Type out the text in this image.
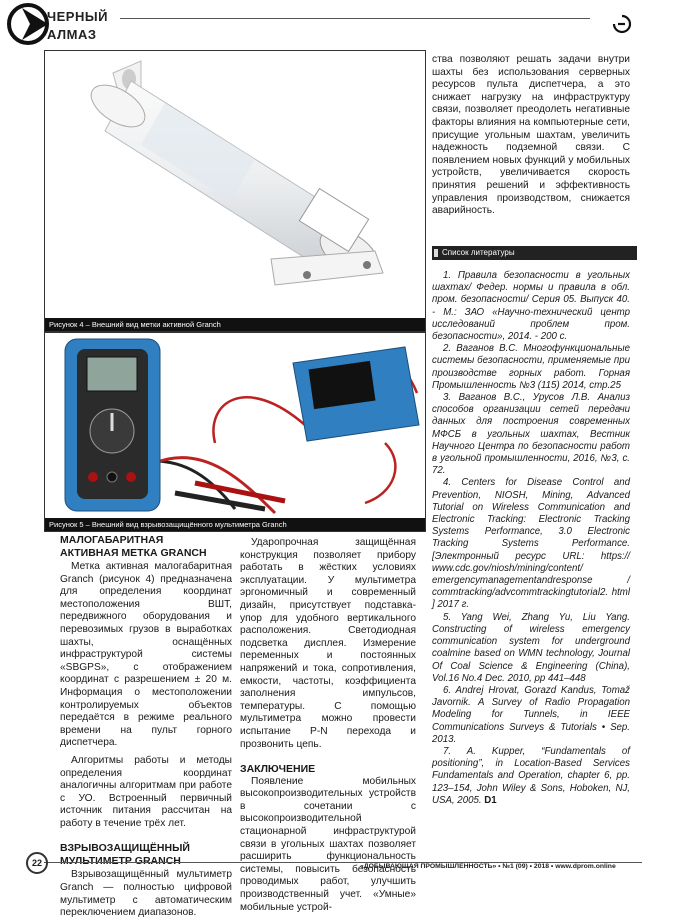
ЧЕРНЫЙ
АЛМАЗ
Рисунок 4 – Внешний вид метки активной Granch
Рисунок 5 – Внешний вид взрывозащищённого мультиметра Granch

МАЛОГАБАРИТНАЯ

АКТИВНАЯ МЕТКА GRANCH

Метка активная малогабаритная Granch (рисунок 4) предназначена для определения координат местоположения ВШТ, передвижного оборудования и перевозимых грузов в выработках шахты, оснащённых инфраструктурой системы «SBGPS», с отображением координат с разрешением ± 20 м. Информация о местоположении контролируемых объектов передаётся в режиме реального времени на пульт горного диспетчера.

Алгоритмы работы и методы определения координат аналогичны алгоритмам при работе с УО. Встроенный первичный источник питания рассчитан на работу в течение трёх лет.

ВЗРЫВОЗАЩИЩЁННЫЙ

МУЛЬТИМЕТР GRANCH

Взрывозащищённый мультиметр Granch — полностью цифровой мультиметр с автоматическим переключением диапазонов.

Ударопрочная защищённая конструкция позволяет прибору работать в жёстких условиях эксплуатации. У мультиметра эргономичный и современный дизайн, присутствует подставка-упор для удобного вертикального расположения. Светодиодная подсветка дисплея. Измерение переменных и постоянных напряжений и тока, сопротивления, емкости, частоты, коэффициента заполнения импульсов, температуры. С помощью мультиметра можно провести испытание P-N перехода и прозвонить цепь.

ЗАКЛЮЧЕНИЕ

Появление мобильных высокопроизводительных устройств в сочетании с высокопроизводительной стационарной инфраструктурой связи в угольных шахтах позволяет расширить функциональность системы, повысить безопасность проводимых работ, улучшить производственный учет. «Умные» мобильные устрой-

ства позволяют решать задачи внутри шахты без использования серверных ресурсов пульта диспетчера, а это снижает нагрузку на инфраструктуру связи, позволяет преодолеть негативные факторы влияния на компьютерные сети, присущие угольным шахтам, увеличить надежность подземной связи. С появлением новых функций у мобильных устройств, увеличивается скорость принятия решений и эффективность управления производством, снижается аварийность.

Список литературы

1. Правила безопасности в угольных шахтах/ Федер. нормы и правила в обл. пром. безопасности/ Серия 05. Выпуск 40. - М.: ЗАО «Научно-технический центр исследований проблем пром. безопасности», 2014. - 200 с.

2. Ваганов В.С. Многофункциональные системы безопасности, применяемые при производстве горных работ. Горная Промышленность №3 (115) 2014, стр.25

3. Ваганов В.С., Урусов Л.В. Анализ способов организации сетей передачи данных для построения современных МФСБ в угольных шахтах, Вестник Научного Центра по безопасности работ в угольной промышленности, 2016, №3, с. 72.

4. Centers for Disease Control and Prevention, NIOSH, Mining, Advanced Tutorial on Wireless Communication and Electronic Tracking: Electronic Tracking Systems Performance, 3.0 Electronic Tracking Systems Performance. [Электронный ресурс URL: https:// www.cdc.gov/niosh/mining/content/ emergencymanagementandresponse / commtracking/advcommtrackingtutorial2. html ] 2017 г.

5. Yang Wei, Zhang Yu, Liu Yang. Constructing of wireless emergency communication system for underground coalmine based on WMN technology, Journal Of Coal Science & Engineering (China), Vol.16 No.4 Dec. 2010, pp 441–448

6. Andrej Hrovat, Gorazd Kandus, Tomaž Javornik. A Survey of Radio Propagation Modeling for Tunnels, in IEEE Communications Surveys & Tutorials • Sep. 2013.

7. A. Kupper, “Fundamentals of positioning”, in Location-Based Services Fundamentals and Operation, chapter 6, pp. 123–154, John Wiley & Sons, Hoboken, NJ, USA, 2005. D1

«ДОБЫВАЮЩАЯ ПРОМЫШЛЕННОСТЬ» • №1 (09) • 2018 • www.dprom.online
22
